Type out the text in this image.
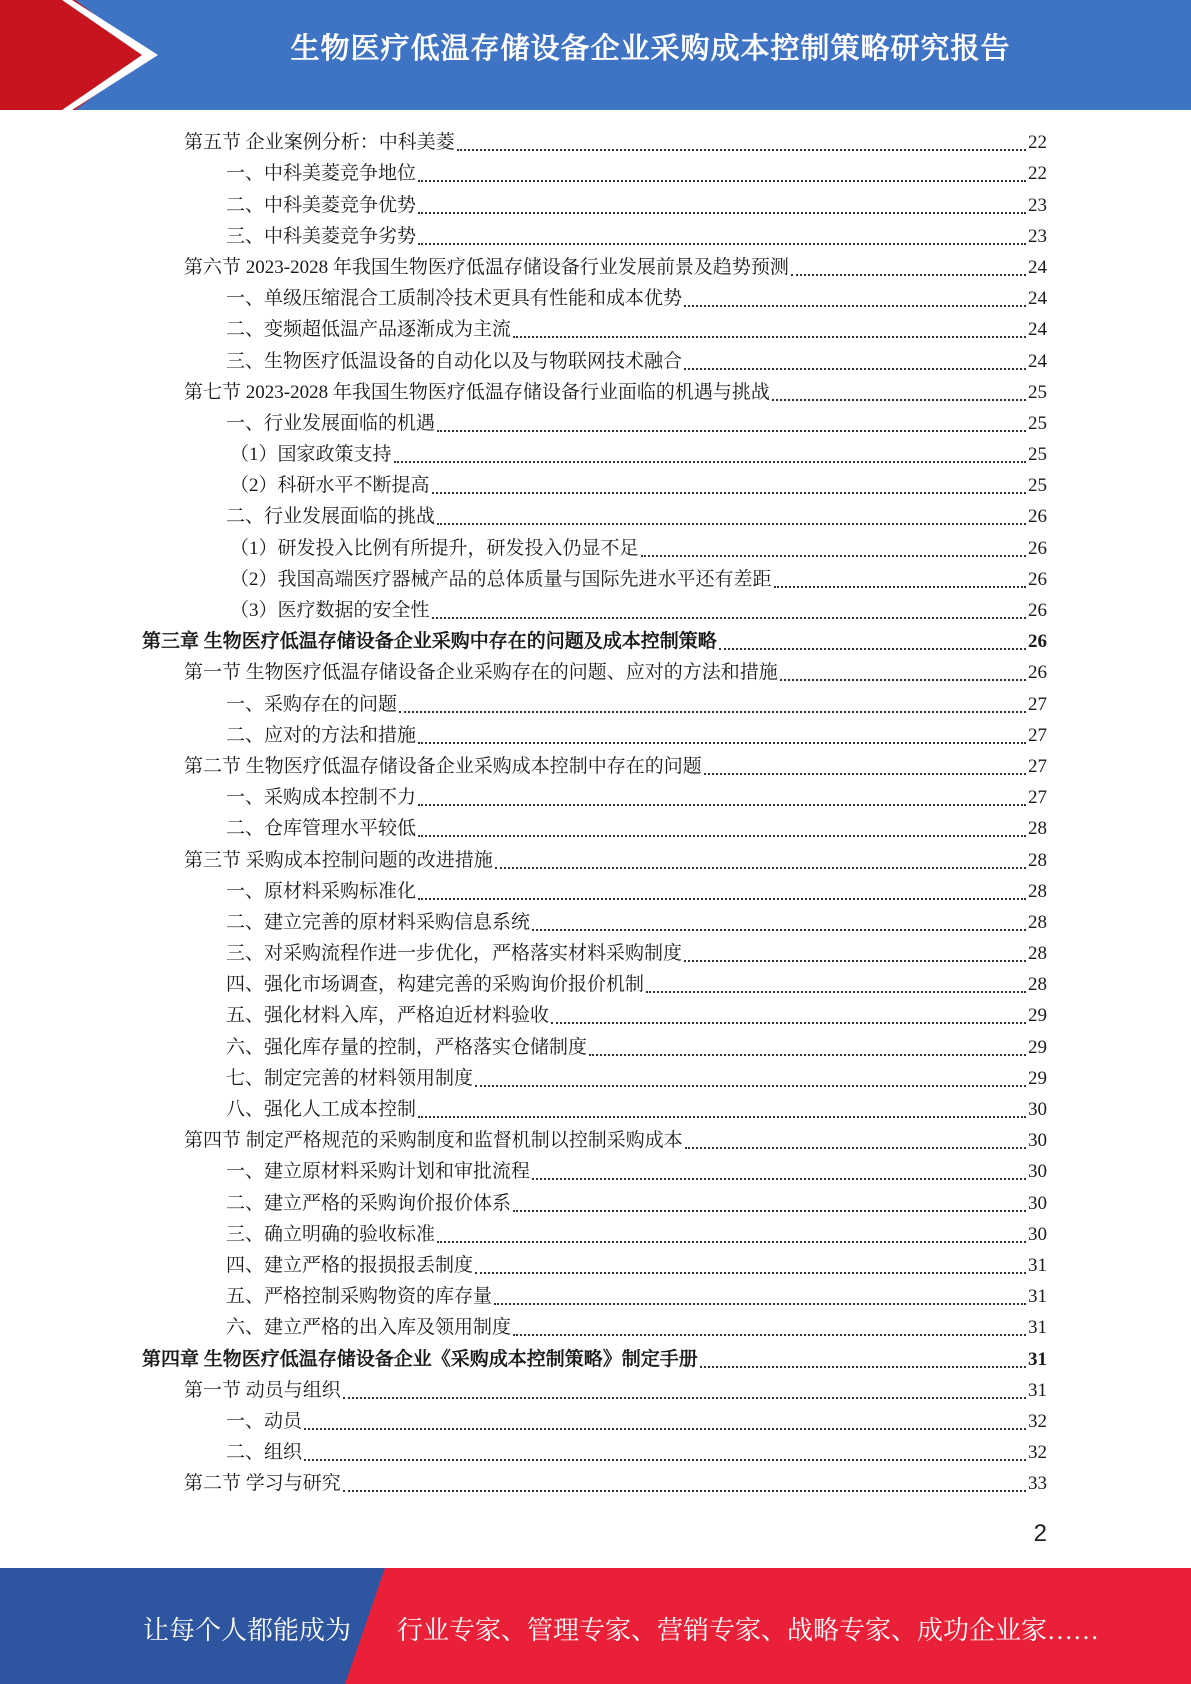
生物医疗低温存储设备企业采购成本控制策略研究报告
第五节 企业案例分析：中科美菱	22
一、中科美菱竞争地位	22
二、中科美菱竞争优势	23
三、中科美菱竞争劣势	23
第六节 2023-2028 年我国生物医疗低温存储设备行业发展前景及趋势预测	24
一、单级压缩混合工质制冷技术更具有性能和成本优势	24
二、变频超低温产品逐渐成为主流	24
三、生物医疗低温设备的自动化以及与物联网技术融合	24
第七节 2023-2028 年我国生物医疗低温存储设备行业面临的机遇与挑战	25
一、行业发展面临的机遇	25
（1）国家政策支持	25
（2）科研水平不断提高	25
二、行业发展面临的挑战	26
（1）研发投入比例有所提升，研发投入仍显不足	26
（2）我国高端医疗器械产品的总体质量与国际先进水平还有差距	26
（3）医疗数据的安全性	26
第三章 生物医疗低温存储设备企业采购中存在的问题及成本控制策略	26
第一节 生物医疗低温存储设备企业采购存在的问题、应对的方法和措施	26
一、采购存在的问题	27
二、应对的方法和措施	27
第二节 生物医疗低温存储设备企业采购成本控制中存在的问题	27
一、采购成本控制不力	27
二、仓库管理水平较低	28
第三节 采购成本控制问题的改进措施	28
一、原材料采购标准化	28
二、建立完善的原材料采购信息系统	28
三、对采购流程作进一步优化，严格落实材料采购制度	28
四、强化市场调查，构建完善的采购询价报价机制	28
五、强化材料入库，严格迫近材料验收	29
六、强化库存量的控制，严格落实仓储制度	29
七、制定完善的材料领用制度	29
八、强化人工成本控制	30
第四节 制定严格规范的采购制度和监督机制以控制采购成本	30
一、建立原材料采购计划和审批流程	30
二、建立严格的采购询价报价体系	30
三、确立明确的验收标准	30
四、建立严格的报损报丢制度	31
五、严格控制采购物资的库存量	31
六、建立严格的出入库及领用制度	31
第四章 生物医疗低温存储设备企业《采购成本控制策略》制定手册	31
第一节 动员与组织	31
一、动员	32
二、组织	32
第二节 学习与研究	33
2
让每个人都能成为 行业专家、管理专家、营销专家、战略专家、成功企业家……
